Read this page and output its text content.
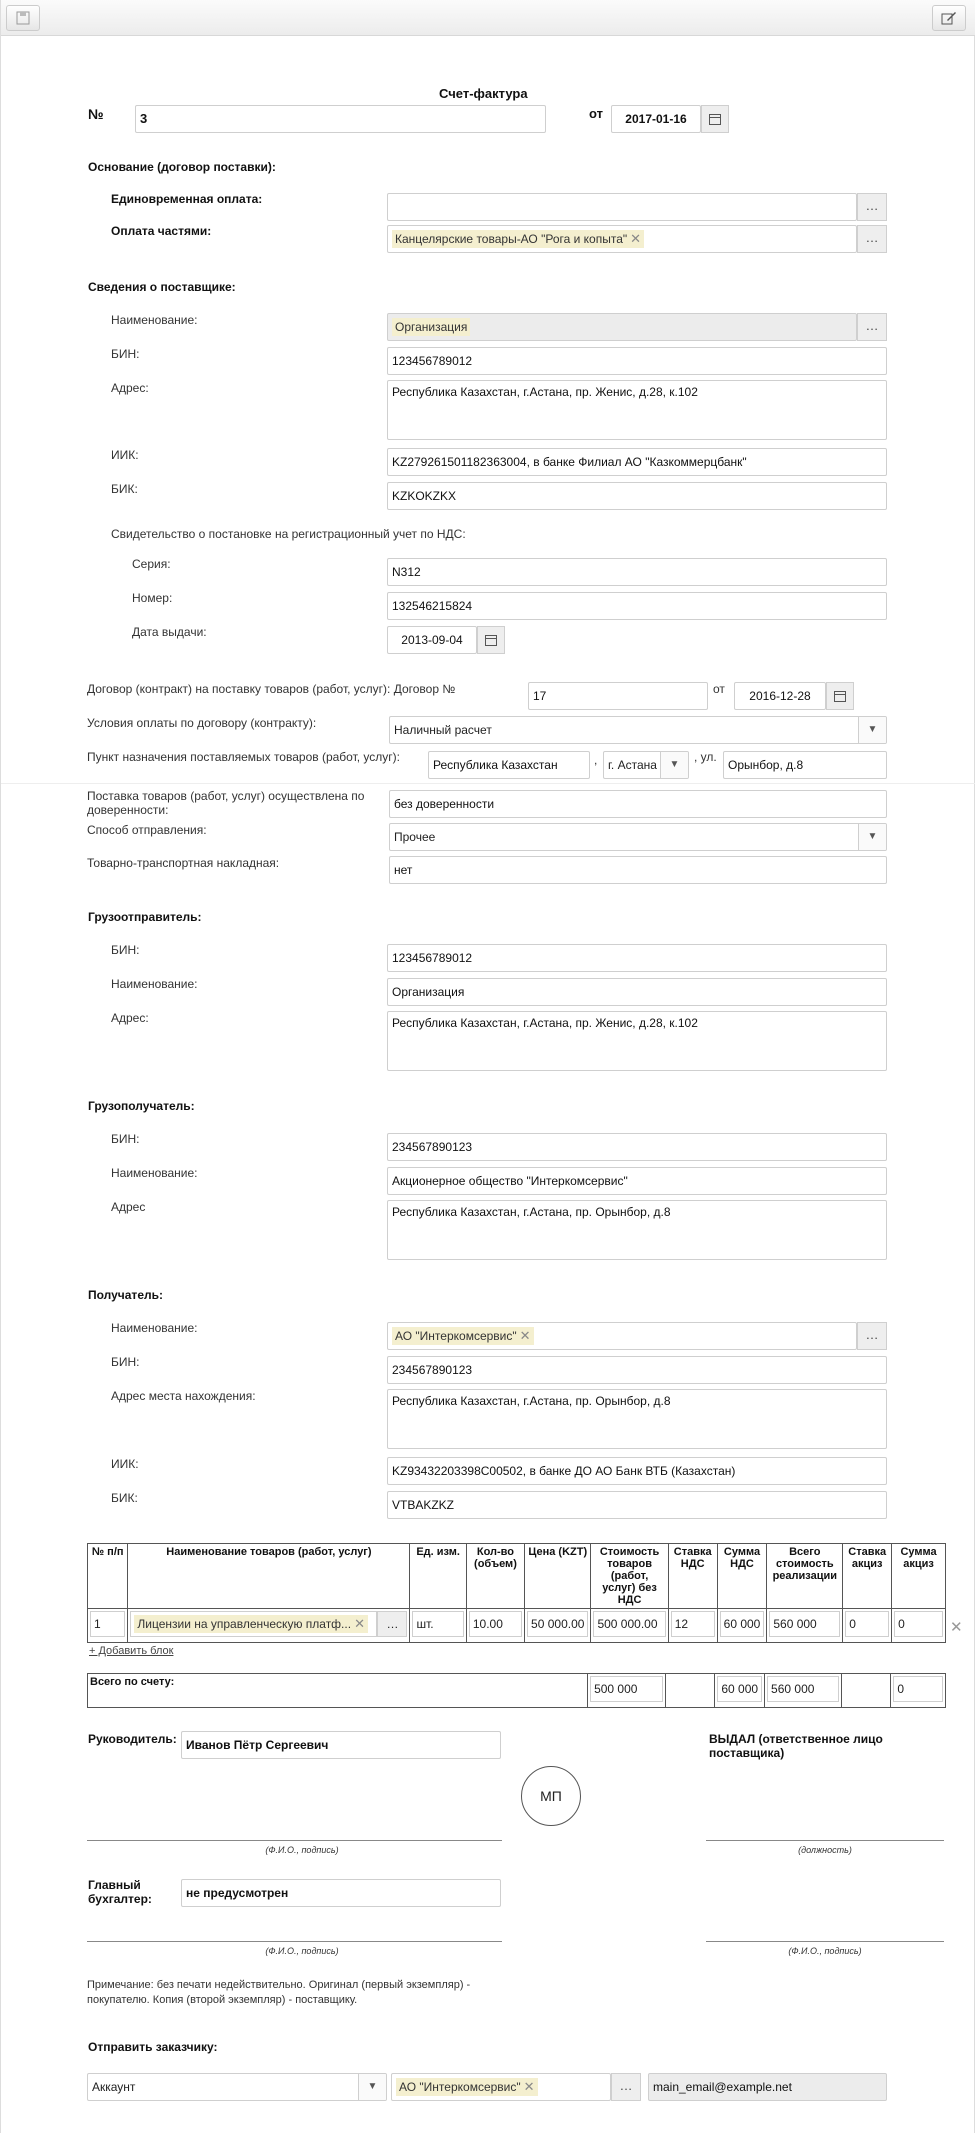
Счет-фактура
№	3	от	2017-01-16
Основание (договор поставки):
Единовременная оплата:	…
Оплата частями:
Канцелярские товары-АО "Рога и копыта" ✕	…
Сведения о поставщике:
Наименование:	Организация	…
БИН:	123456789012
Адрес:	Республика Казахстан, г.Астана, пр. Женис, д.28, к.102
ИИК:	KZ279261501182363004, в банке Филиал АО "Казкоммерцбанк"
БИК:	KZKOKZKX
Свидетельство о постановке на регистрационный учет по НДС:
Серия:
N312
Номер:
132546215824
Дата выдачи:
2013-09-04
Договор (контракт) на поставку товаров (работ, услуг): Договор №	17	от	2016-12-28
Условия оплаты по договору (контракту):	Наличный расчет	▼
Пункт назначения поставляемых товаров (работ, услуг):
Республика Казахстан	, г. Астана	▼
, ул.
Орынбор, д.8
Поставка товаров (работ, услуг) осуществлена по доверенности:	без доверенности
Способ отправления:	Прочее	▼
Товарно-транспортная накладная:	нет
Грузоотправитель:
БИН:
123456789012
Наименование:
Организация
Адрес:	Республика Казахстан, г.Астана, пр. Женис, д.28, к.102
Грузополучатель:
БИН:
234567890123
Наименование:
Акционерное общество "Интеркомсервис"
Адрес	Республика Казахстан, г.Астана, пр. Орынбор, д.8
Получатель:
Наименование:
АО "Интеркомсервис" ✕	…
БИН:
234567890123
Адрес места нахождения:	Республика Казахстан, г.Астана, пр. Орынбор, д.8
ИИК:	KZ93432203398C00502, в банке ДО АО Банк ВТБ (Казахстан)
БИК:	VTBAKZKZ
№ п/п	Наименование товаров (работ, услуг)	Ед. изм.	Кол-во (объем)	Цена (KZT)	Стоимость товаров (работ, услуг) без НДС	Ставка НДС	Сумма НДС	Всего стоимость реализации	Ставка акциз	Сумма акциз

1	Лицензии на управленческую платф... ✕ …	шт.	10.00	50 000.00	500 000.00	12	60 000	560 000	0	0	✕
+ Добавить блок
Всего по счету:	500 000		60 000	560 000		0
Руководитель: Иванов Пётр Сергеевич	ВЫДАЛ (ответственное лицо поставщика)
МП
(Ф.И.О., подпись)	(должность)
Главный бухгалтер:	не предусмотрен
(Ф.И.О., подпись)	(Ф.И.О., подпись)
Примечание: без печати недействительно. Оригинал (первый экземпляр) - покупателю. Копия (второй экземпляр) - поставщику.
Отправить заказчику:
Аккаунт	▼	АО "Интеркомсервис" ✕	…	main_email@example.net
